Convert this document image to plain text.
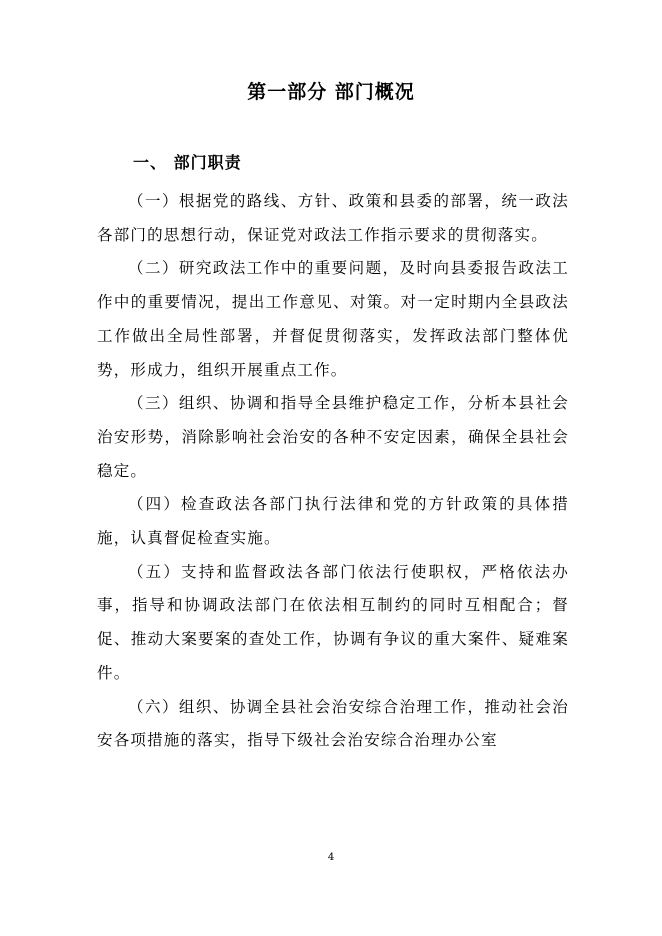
第一部分 部门概况
一、 部门职责

（一）根据党的路线、方针、政策和县委的部署，统一政法各部门的思想行动，保证党对政法工作指示要求的贯彻落实。

（二）研究政法工作中的重要问题，及时向县委报告政法工作中的重要情况，提出工作意见、对策。对一定时期内全县政法工作做出全局性部署，并督促贯彻落实，发挥政法部门整体优势，形成力，组织开展重点工作。

（三）组织、协调和指导全县维护稳定工作，分析本县社会治安形势，消除影响社会治安的各种不安定因素，确保全县社会稳定。

（四）检查政法各部门执行法律和党的方针政策的具体措施，认真督促检查实施。

（五）支持和监督政法各部门依法行使职权，严格依法办事，指导和协调政法部门在依法相互制约的同时互相配合；督促、推动大案要案的查处工作，协调有争议的重大案件、疑难案件。

（六）组织、协调全县社会治安综合治理工作，推动社会治安各项措施的落实，指导下级社会治安综合治理办公室

4
